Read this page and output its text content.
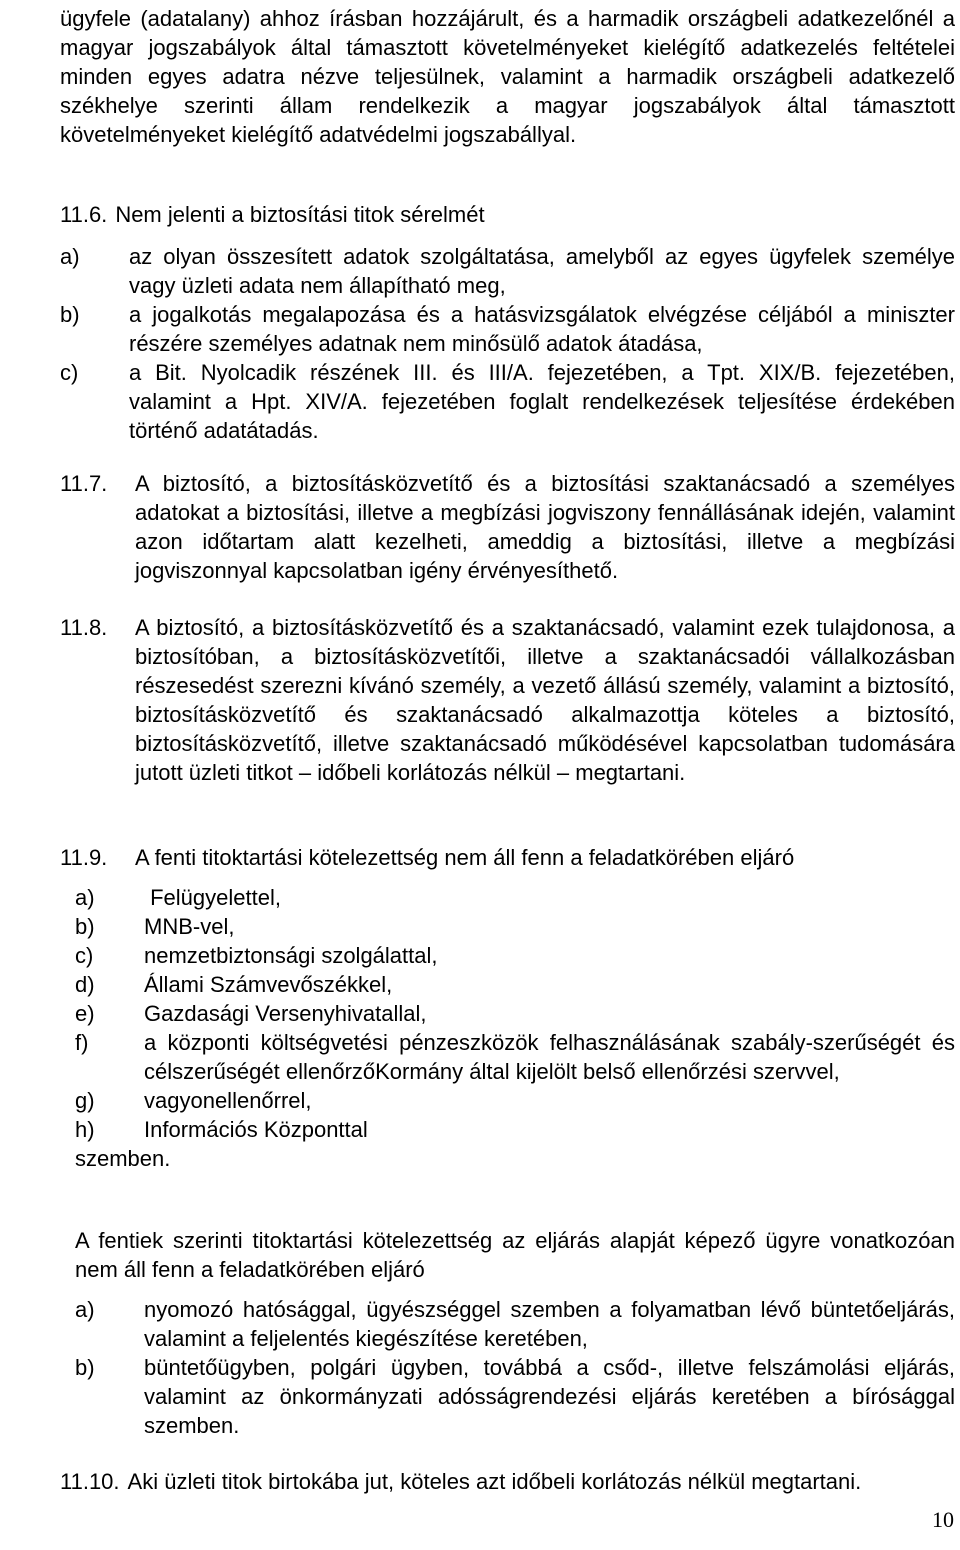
ügyfele (adatalany) ahhoz írásban hozzájárult, és a harmadik országbeli adatkezelőnél a magyar jogszabályok által támasztott követelményeket kielégítő adatkezelés feltételei minden egyes adatra nézve teljesülnek, valamint a harmadik országbeli adatkezelő székhelye szerinti állam rendelkezik a magyar jogszabályok által támasztott követelményeket kielégítő adatvédelmi jogszabállyal.

11.6. Nem jelenti a biztosítási titok sérelmét
a)	az olyan összesített adatok szolgáltatása, amelyből az egyes ügyfelek személye vagy üzleti adata nem állapítható meg,
b)	a jogalkotás megalapozása és a hatásvizsgálatok elvégzése céljából a miniszter részére személyes adatnak nem minősülő adatok átadása,
c)	a Bit. Nyolcadik részének III. és III/A. fejezetében, a Tpt. XIX/B. fejezetében, valamint a Hpt. XIV/A. fejezetében foglalt rendelkezések teljesítése érdekében történő adatátadás.
11.7.	A biztosító, a biztosításközvetítő és a biztosítási szaktanácsadó a személyes adatokat a biztosítási, illetve a megbízási jogviszony fennállásának idején, valamint azon időtartam alatt kezelheti, ameddig a biztosítási, illetve a megbízási jogviszonnyal kapcsolatban igény érvényesíthető.
11.8.	A biztosító, a biztosításközvetítő és a szaktanácsadó, valamint ezek tulajdonosa, a biztosítóban, a biztosításközvetítői, illetve a szaktanácsadói vállalkozásban részesedést szerezni kívánó személy, a vezető állású személy, valamint a biztosító, biztosításközvetítő és szaktanácsadó alkalmazottja köteles a biztosító, biztosításközvetítő, illetve szaktanácsadó működésével kapcsolatban tudomására jutott üzleti titkot – időbeli korlátozás nélkül – megtartani.
11.9.	A fenti titoktartási kötelezettség nem áll fenn a feladatkörében eljáró
a)	Felügyelettel,
b)	MNB-vel,
c)	nemzetbiztonsági szolgálattal,
d)	Állami Számvevőszékkel,
e)	Gazdasági Versenyhivatallal,
f)	a központi költségvetési pénzeszközök felhasználásának szabály-szerűségét és célszerűségét ellenőrzőKormány által kijelölt belső ellenőrzési szervvel,
g)	vagyonellenőrrel,
h)	Információs Központtal
szemben.

A fentiek szerinti titoktartási kötelezettség az eljárás alapját képező ügyre vonatkozóan nem áll fenn a feladatkörében eljáró

a)	nyomozó hatósággal, ügyészséggel szemben a folyamatban lévő büntetőeljárás, valamint a feljelentés kiegészítése keretében,
b)	büntetőügyben, polgári ügyben, továbbá a csőd-, illetve felszámolási eljárás, valamint az önkormányzati adósságrendezési eljárás keretében a bírósággal szemben.
11.10. Aki üzleti titok birtokába jut, köteles azt időbeli korlátozás nélkül megtartani.
10
